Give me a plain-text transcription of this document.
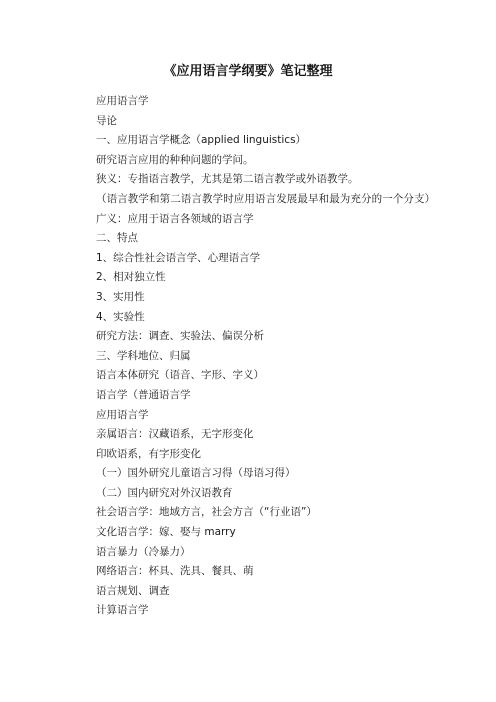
《应用语言学纲要》笔记整理

应用语言学

导论

一、应用语言学概念（applied linguistics）

研究语言应用的种种问题的学问。

狭义：专指语言教学，尤其是第二语言教学或外语教学。

（语言教学和第二语言教学时应用语言发展最早和最为充分的一个分支）

广义：应用于语言各领域的语言学

二、特点

1、综合性社会语言学、心理语言学

2、相对独立性

3、实用性

4、实验性

研究方法：调查、实验法、偏误分析

三、学科地位、归属

语言本体研究（语音、字形、字义）

语言学（普通语言学

应用语言学

亲属语言：汉藏语系，无字形变化

印欧语系，有字形变化

（一）国外研究儿童语言习得（母语习得）

（二）国内研究对外汉语教育

社会语言学：地域方言，社会方言（“行业语”）

文化语言学：嫁、娶与 marry

语言暴力（冷暴力）

网络语言：杯具、洗具、餐具、萌

语言规划、调查

计算语言学
